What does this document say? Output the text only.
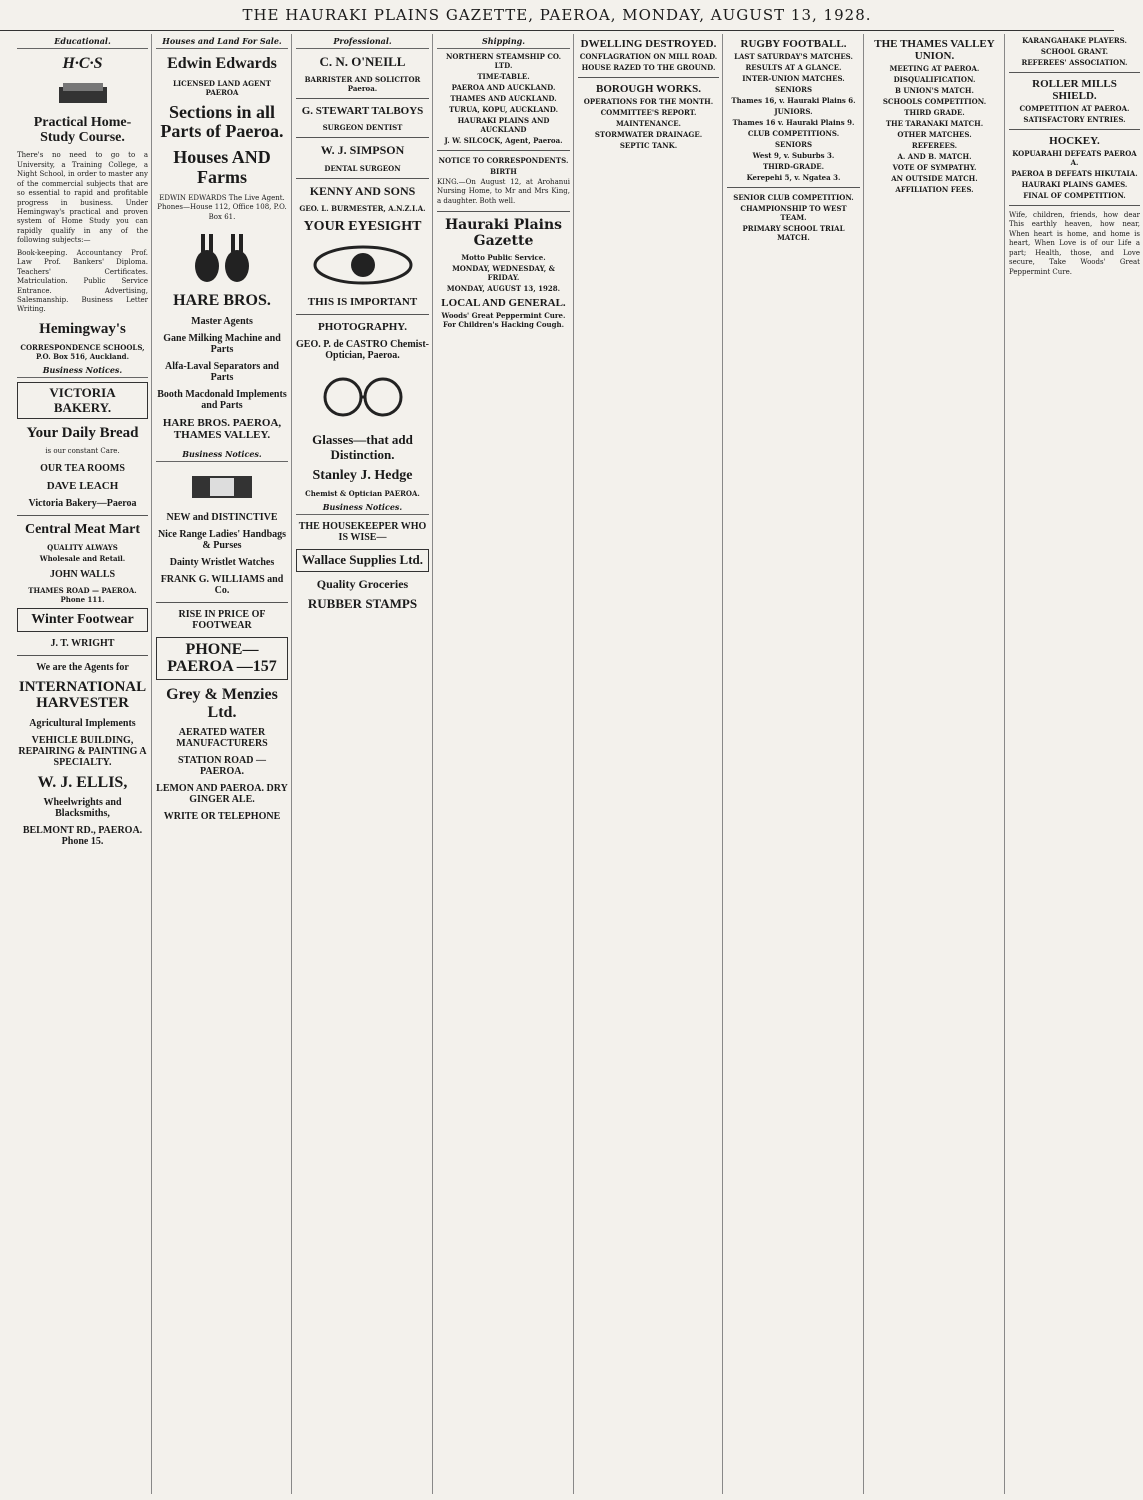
THE HAURAKI PLAINS GAZETTE, PAEROA, MONDAY, AUGUST 13, 1928.
Educational.
H·C·S
Practical Home-Study Course.

There's no need to go to a University, a Training College, a Night School, in order to master any of the commercial subjects that are so essential to rapid and profitable progress in business. Under Hemingway's practical and proven system of Home Study you can rapidly qualify in any of the following subjects:—

Book-keeping. Accountancy Prof. Law Prof. Bankers' Diploma. Teachers' Certificates. Matriculation. Public Service Entrance. Advertising, Salesmanship. Business Letter Writing.

Hemingway's
CORRESPONDENCE SCHOOLS, P.O. Box 516, Auckland.
Business Notices.
VICTORIA BAKERY.
Your Daily Bread
is our constant Care.
OUR TEA ROOMS
DAVE LEACH
Victoria Bakery—Paeroa
Central Meat Mart
QUALITY ALWAYS
Wholesale and Retail.
JOHN WALLS
THAMES ROAD — PAEROA. Phone 111.
Winter Footwear
J. T. WRIGHT
We are the Agents for
INTERNATIONAL HARVESTER
Agricultural Implements
VEHICLE BUILDING, REPAIRING & PAINTING A SPECIALTY.
W. J. ELLIS,
Wheelwrights and Blacksmiths,
BELMONT RD., PAEROA. Phone 15.
Houses and Land For Sale.
Edwin Edwards
LICENSED LAND AGENT PAEROA
Sections in all Parts of Paeroa.
Houses AND Farms

EDWIN EDWARDS The Live Agent. Phones—House 112, Office 108, P.O. Box 61.

HARE BROS.
Master Agents
Gane Milking Machine and Parts
Alfa-Laval Separators and Parts
Booth Macdonald Implements and Parts
HARE BROS. PAEROA, THAMES VALLEY.
Business Notices.
NEW and DISTINCTIVE
Nice Range Ladies' Handbags & Purses
Dainty Wristlet Watches
FRANK G. WILLIAMS and Co.
RISE IN PRICE OF FOOTWEAR
PHONE—PAEROA —157
Grey & Menzies Ltd.
AERATED WATER MANUFACTURERS
STATION ROAD — PAEROA.
LEMON AND PAEROA. DRY GINGER ALE.
WRITE OR TELEPHONE
Professional.
C. N. O'NEILL
BARRISTER AND SOLICITOR Paeroa.
G. STEWART TALBOYS
SURGEON DENTIST
W. J. SIMPSON
DENTAL SURGEON
KENNY AND SONS
GEO. L. BURMESTER, A.N.Z.I.A.
YOUR EYESIGHT
THIS IS IMPORTANT
PHOTOGRAPHY.
GEO. P. de CASTRO Chemist-Optician, Paeroa.
Glasses—that add Distinction.
Stanley J. Hedge
Chemist & Optician PAEROA.
Business Notices.
THE HOUSEKEEPER WHO IS WISE—
Wallace Supplies Ltd.
Quality Groceries
RUBBER STAMPS
Shipping.
NORTHERN STEAMSHIP CO. LTD.
TIME-TABLE.
PAEROA AND AUCKLAND.
THAMES AND AUCKLAND.
TURUA, KOPU, AUCKLAND.
HAURAKI PLAINS AND AUCKLAND
J. W. SILCOCK, Agent, Paeroa.
NOTICE TO CORRESPONDENTS.
BIRTH

KING.—On August 12, at Arohanui Nursing Home, to Mr and Mrs King, a daughter. Both well.

Hauraki Plains Gazette
Motto Public Service.
MONDAY, WEDNESDAY, & FRIDAY.
MONDAY, AUGUST 13, 1928.
LOCAL AND GENERAL.
Woods' Great Peppermint Cure. For Children's Hacking Cough.
DWELLING DESTROYED.
CONFLAGRATION ON MILL ROAD.
HOUSE RAZED TO THE GROUND.
BOROUGH WORKS.
OPERATIONS FOR THE MONTH.
COMMITTEE'S REPORT.
MAINTENANCE.
STORMWATER DRAINAGE.
SEPTIC TANK.
RUGBY FOOTBALL.
LAST SATURDAY'S MATCHES.
RESULTS AT A GLANCE.
INTER-UNION MATCHES.
SENIORS
Thames 16, v. Hauraki Plains 6.
JUNIORS.
Thames 16 v. Hauraki Plains 9.
CLUB COMPETITIONS.
SENIORS
West 9, v. Suburbs 3.
THIRD-GRADE.
Kerepehi 5, v. Ngatea 3.
SENIOR CLUB COMPETITION.
CHAMPIONSHIP TO WEST TEAM.
PRIMARY SCHOOL TRIAL MATCH.
THE THAMES VALLEY UNION.
MEETING AT PAEROA.
DISQUALIFICATION.
B UNION'S MATCH.
SCHOOLS COMPETITION.
THIRD GRADE.
THE TARANAKI MATCH.
OTHER MATCHES.
REFEREES.
A. AND B. MATCH.
VOTE OF SYMPATHY.
AN OUTSIDE MATCH.
AFFILIATION FEES.
KARANGAHAKE PLAYERS.
SCHOOL GRANT.
REFEREES' ASSOCIATION.
ROLLER MILLS SHIELD.
COMPETITION AT PAEROA.
SATISFACTORY ENTRIES.
HOCKEY.
KOPUARAHI DEFEATS PAEROA A.
PAEROA B DEFEATS HIKUTAIA.
HAURAKI PLAINS GAMES.
FINAL OF COMPETITION.

Wife, children, friends, how dear This earthly heaven, how near, When heart is home, and home is heart, When Love is of our Life a part; Health, those, and Love secure, Take Woods' Great Peppermint Cure.
